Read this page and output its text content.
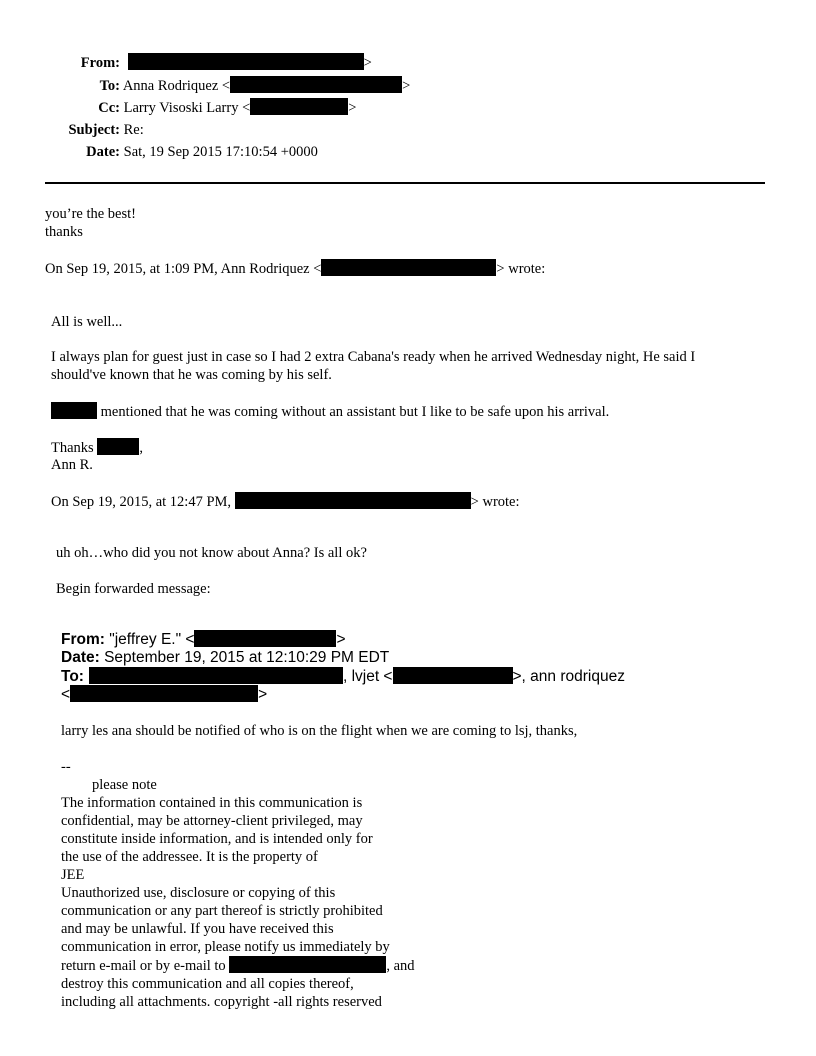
From:	>
To: Anna Rodriquez <	>
Cc: Larry Visoski Larry <	>
Subject: Re:
Date: Sat, 19 Sep 2015 17:10:54 +0000
you’re the best!
thanks
On Sep 19, 2015, at 1:09 PM, Ann Rodriquez <	> wrote:
All is well...
I always plan for guest just in case so I had 2 extra Cabana's ready when he arrived Wednesday night, He said I
should've known that he was coming by his self.
mentioned that he was coming without an assistant but I like to be safe upon his arrival.
Thanks	,
Ann R.
On Sep 19, 2015, at 12:47 PM,	> wrote:
uh oh…who did you not know about Anna? Is all ok?
Begin forwarded message:
From: "jeffrey E." <	>
Date: September 19, 2015 at 12:10:29 PM EDT
To:	, lvjet <	>, ann rodriquez
<	>
larry les ana should be notified of who is on the flight when we are coming to lsj, thanks,
--
please note
The information contained in this communication is
confidential, may be attorney-client privileged, may
constitute inside information, and is intended only for
the use of the addressee. It is the property of
JEE
Unauthorized use, disclosure or copying of this
communication or any part thereof is strictly prohibited
and may be unlawful. If you have received this
communication in error, please notify us immediately by
return e-mail or by e-mail to	, and
destroy this communication and all copies thereof,
including all attachments. copyright -all rights reserved
